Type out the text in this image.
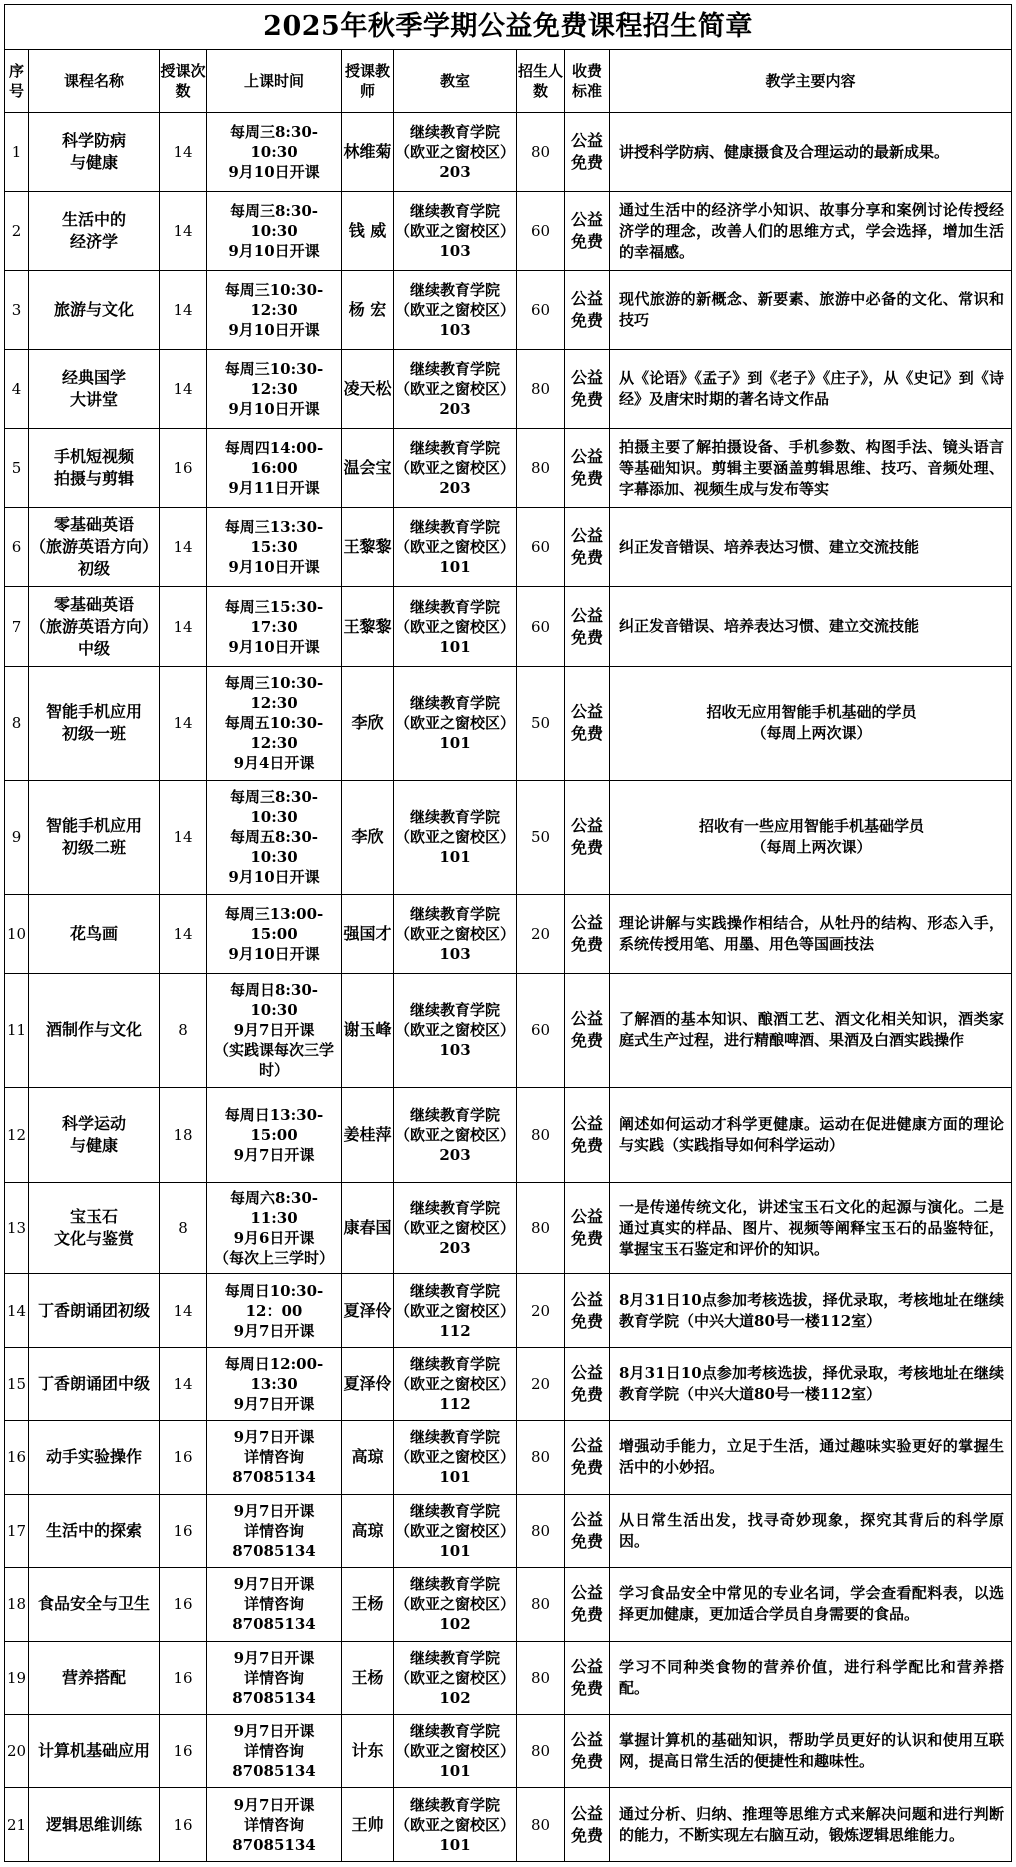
2025年秋季学期公益免费课程招生简章								
序号	课程名称	授课次数	上课时间	授课教师	教室	招生人数	收费标准	教学主要内容

1	科学防病
与健康	14	每周三8:30-10:30
9月10日开课	林维菊	继续教育学院
（欧亚之窗校区）
203	80	公益
免费	讲授科学防病、健康摄食及合理运动的最新成果。

2	生活中的
经济学	14	每周三8:30-10:30
9月10日开课	钱 威	继续教育学院
（欧亚之窗校区）
103	60	公益
免费	通过生活中的经济学小知识、故事分享和案例讨论传授经济学的理念，改善人们的思维方式，学会选择，增加生活的幸福感。

3	旅游与文化	14	每周三10:30-12:30
9月10日开课	杨 宏	继续教育学院
（欧亚之窗校区）
103	60	公益
免费	现代旅游的新概念、新要素、旅游中必备的文化、常识和技巧

4	经典国学
大讲堂	14	每周三10:30-12:30
9月10日开课	凌天松	继续教育学院
（欧亚之窗校区）
203	80	公益
免费	从《论语》《孟子》到《老子》《庄子》，从《史记》到《诗经》及唐宋时期的著名诗文作品

5	手机短视频
拍摄与剪辑	16	每周四14:00-16:00
9月11日开课	温会宝	继续教育学院
（欧亚之窗校区）
203	80	公益
免费	拍摄主要了解拍摄设备、手机参数、构图手法、镜头语言等基础知识。剪辑主要涵盖剪辑思维、技巧、音频处理、字幕添加、视频生成与发布等实

6	零基础英语
（旅游英语方向）
初级	14	每周三13:30-15:30
9月10日开课	王黎黎	继续教育学院
（欧亚之窗校区）
101	60	公益
免费	纠正发音错误、培养表达习惯、建立交流技能

7	零基础英语
（旅游英语方向）
中级	14	每周三15:30-17:30
9月10日开课	王黎黎	继续教育学院
（欧亚之窗校区）
101	60	公益
免费	纠正发音错误、培养表达习惯、建立交流技能

8	智能手机应用
初级一班	14	每周三10:30-12:30
每周五10:30-12:30
9月4日开课	李欣	继续教育学院
（欧亚之窗校区）
101	50	公益
免费	招收无应用智能手机基础的学员
（每周上两次课）

9	智能手机应用
初级二班	14	每周三8:30-10:30
每周五8:30-10:30
9月10日开课	李欣	继续教育学院
（欧亚之窗校区）
101	50	公益
免费	招收有一些应用智能手机基础学员
（每周上两次课）

10	花鸟画	14	每周三13:00-15:00
9月10日开课	强国才	继续教育学院
（欧亚之窗校区）
103	20	公益
免费	理论讲解与实践操作相结合，从牡丹的结构、形态入手，系统传授用笔、用墨、用色等国画技法

11	酒制作与文化	8	每周日8:30-10:30
9月7日开课
（实践课每次三学时）	谢玉峰	继续教育学院
（欧亚之窗校区）
103	60	公益
免费	了解酒的基本知识、酿酒工艺、酒文化相关知识，酒类家庭式生产过程，进行精酿啤酒、果酒及白酒实践操作

12	科学运动
与健康	18	每周日13:30-15:00
9月7日开课	姜桂萍	继续教育学院
（欧亚之窗校区）
203	80	公益
免费	阐述如何运动才科学更健康。运动在促进健康方面的理论与实践（实践指导如何科学运动）

13	宝玉石
文化与鉴赏	8	每周六8:30-11:30
9月6日开课
（每次上三学时）	康春国	继续教育学院
（欧亚之窗校区）
203	80	公益
免费	一是传递传统文化，讲述宝玉石文化的起源与演化。二是通过真实的样品、图片、视频等阐释宝玉石的品鉴特征，掌握宝玉石鉴定和评价的知识。

14	丁香朗诵团初级	14	每周日10:30-12：00
9月7日开课	夏泽伶	继续教育学院
（欧亚之窗校区）
112	20	公益
免费	8月31日10点参加考核选拔，择优录取，考核地址在继续教育学院（中兴大道80号一楼112室）

15	丁香朗诵团中级	14	每周日12:00-13:30
9月7日开课	夏泽伶	继续教育学院
（欧亚之窗校区）
112	20	公益
免费	8月31日10点参加考核选拔，择优录取，考核地址在继续教育学院（中兴大道80号一楼112室）

16	动手实验操作	16	9月7日开课
详情咨询87085134	高琼	继续教育学院
（欧亚之窗校区）
101	80	公益
免费	增强动手能力，立足于生活，通过趣味实验更好的掌握生活中的小妙招。

17	生活中的探索	16	9月7日开课
详情咨询87085134	高琼	继续教育学院
（欧亚之窗校区）
101	80	公益
免费	从日常生活出发，找寻奇妙现象，探究其背后的科学原因。

18	食品安全与卫生	16	9月7日开课
详情咨询87085134	王杨	继续教育学院
（欧亚之窗校区）
102	80	公益
免费	学习食品安全中常见的专业名词，学会查看配料表，以选择更加健康，更加适合学员自身需要的食品。

19	营养搭配	16	9月7日开课
详情咨询87085134	王杨	继续教育学院
（欧亚之窗校区）
102	80	公益
免费	学习不同种类食物的营养价值，进行科学配比和营养搭配。

20	计算机基础应用	16	9月7日开课
详情咨询87085134	计东	继续教育学院
（欧亚之窗校区）
101	80	公益
免费	掌握计算机的基础知识，帮助学员更好的认识和使用互联网，提高日常生活的便捷性和趣味性。

21	逻辑思维训练	16	9月7日开课
详情咨询87085134	王帅	继续教育学院
（欧亚之窗校区）
101	80	公益
免费	通过分析、归纳、推理等思维方式来解决问题和进行判断的能力，不断实现左右脑互动，锻炼逻辑思维能力。
